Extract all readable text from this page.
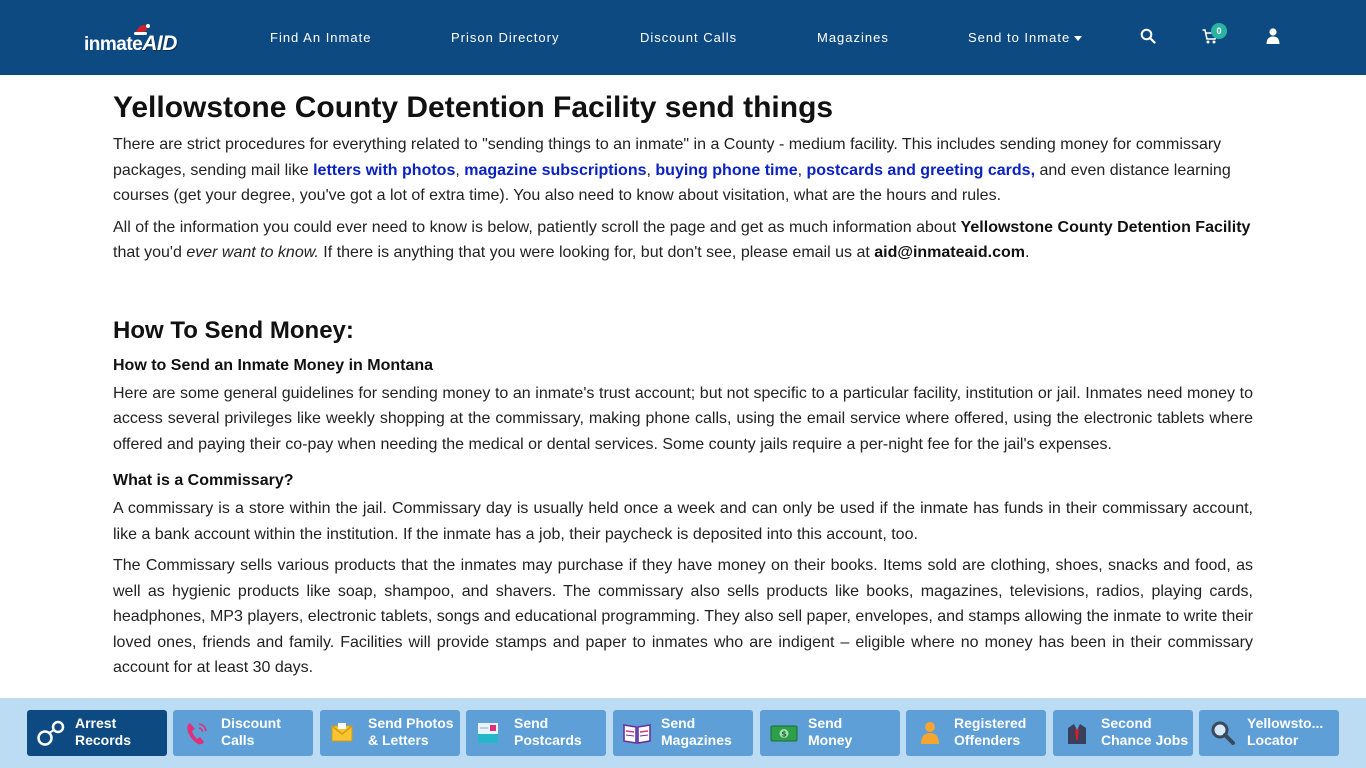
inmateAID	Find An Inmate	Prison Directory	Discount Calls	Magazines	Send to Inmate	0
Yellowstone County Detention Facility send things

There are strict procedures for everything related to "sending things to an inmate" in a County - medium facility. This includes sending money for commissary packages, sending mail like letters with photos, magazine subscriptions, buying phone time, postcards and greeting cards, and even distance learning courses (get your degree, you've got a lot of extra time). You also need to know about visitation, what are the hours and rules.

All of the information you could ever need to know is below, patiently scroll the page and get as much information about Yellowstone County Detention Facility that you'd ever want to know. If there is anything that you were looking for, but don't see, please email us at aid@inmateaid.com.

How To Send Money:
How to Send an Inmate Money in Montana

Here are some general guidelines for sending money to an inmate's trust account; but not specific to a particular facility, institution or jail. Inmates need money to access several privileges like weekly shopping at the commissary, making phone calls, using the email service where offered, using the electronic tablets where offered and paying their co-pay when needing the medical or dental services. Some county jails require a per-night fee for the jail's expenses.

What is a Commissary?

A commissary is a store within the jail. Commissary day is usually held once a week and can only be used if the inmate has funds in their commissary account, like a bank account within the institution. If the inmate has a job, their paycheck is deposited into this account, too.

The Commissary sells various products that the inmates may purchase if they have money on their books. Items sold are clothing, shoes, snacks and food, as well as hygienic products like soap, shampoo, and shavers. The commissary also sells products like books, magazines, televisions, radios, playing cards, headphones, MP3 players, electronic tablets, songs and educational programming. They also sell paper, envelopes, and stamps allowing the inmate to write their loved ones, friends and family. Facilities will provide stamps and paper to inmates who are indigent – eligible where no money has been in their commissary account for at least 30 days.

Arrest
Records
Discount
Calls
Send Photos
& Letters
Send
Postcards
Send
Magazines	$
Send
Money
Registered
Offenders
Second
Chance Jobs
Yellowsto...
Locator
